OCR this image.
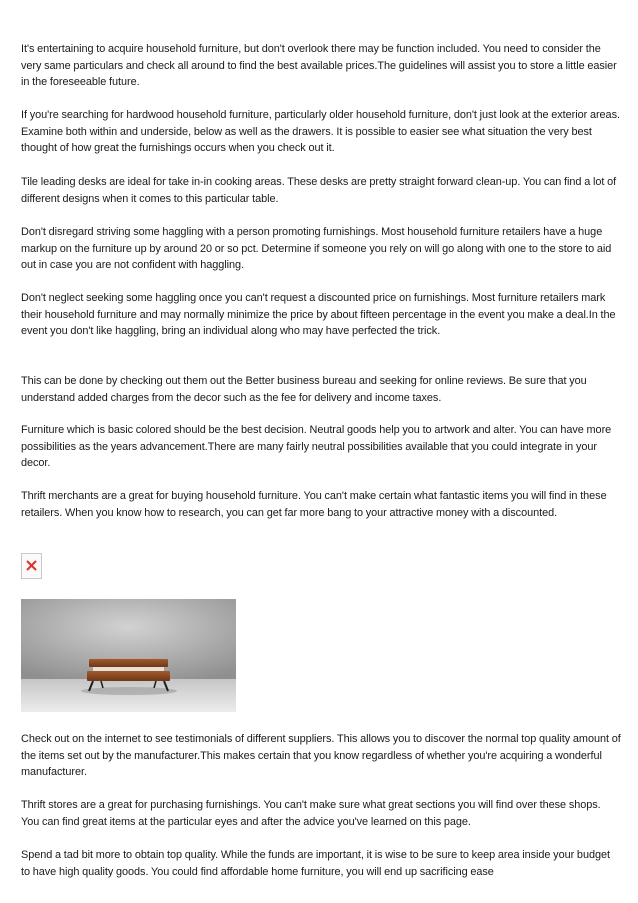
It's entertaining to acquire household furniture, but don't overlook there may be function included. You need to consider the very same particulars and check all around to find the best available prices.The guidelines will assist you to store a little easier in the foreseeable future.

If you're searching for hardwood household furniture, particularly older household furniture, don't just look at the exterior areas. Examine both within and underside, below as well as the drawers. It is possible to easier see what situation the very best thought of how great the furnishings occurs when you check out it.

Tile leading desks are ideal for take in-in cooking areas. These desks are pretty straight forward clean-up. You can find a lot of different designs when it comes to this particular table.

Don't disregard striving some haggling with a person promoting furnishings. Most household furniture retailers have a huge markup on the furniture up by around 20 or so pct. Determine if someone you rely on will go along with one to the store to aid out in case you are not confident with haggling.

Don't neglect seeking some haggling once you can't request a discounted price on furnishings. Most furniture retailers mark their household furniture and may normally minimize the price by about fifteen percentage in the event you make a deal.In the event you don't like haggling, bring an individual along who may have perfected the trick.

This can be done by checking out them out the Better business bureau and seeking for online reviews. Be sure that you understand added charges from the decor such as the fee for delivery and income taxes.

Furniture which is basic colored should be the best decision. Neutral goods help you to artwork and alter. You can have more possibilities as the years advancement.There are many fairly neutral possibilities available that you could integrate in your decor.

Thrift merchants are a great for buying household furniture. You can't make certain what fantastic items you will find in these retailers. When you know how to research, you can get far more bang to your attractive money with a discounted.

Check out on the internet to see testimonials of different suppliers. This allows you to discover the normal top quality amount of the items set out by the manufacturer.This makes certain that you know regardless of whether you're acquiring a wonderful manufacturer.

Thrift stores are a great for purchasing furnishings. You can't make sure what great sections you will find over these shops. You can find great items at the particular eyes and after the advice you've learned on this page.

Spend a tad bit more to obtain top quality. While the funds are important, it is wise to be sure to keep area inside your budget to have high quality goods. You could find affordable home furniture, you will end up sacrificing ease
